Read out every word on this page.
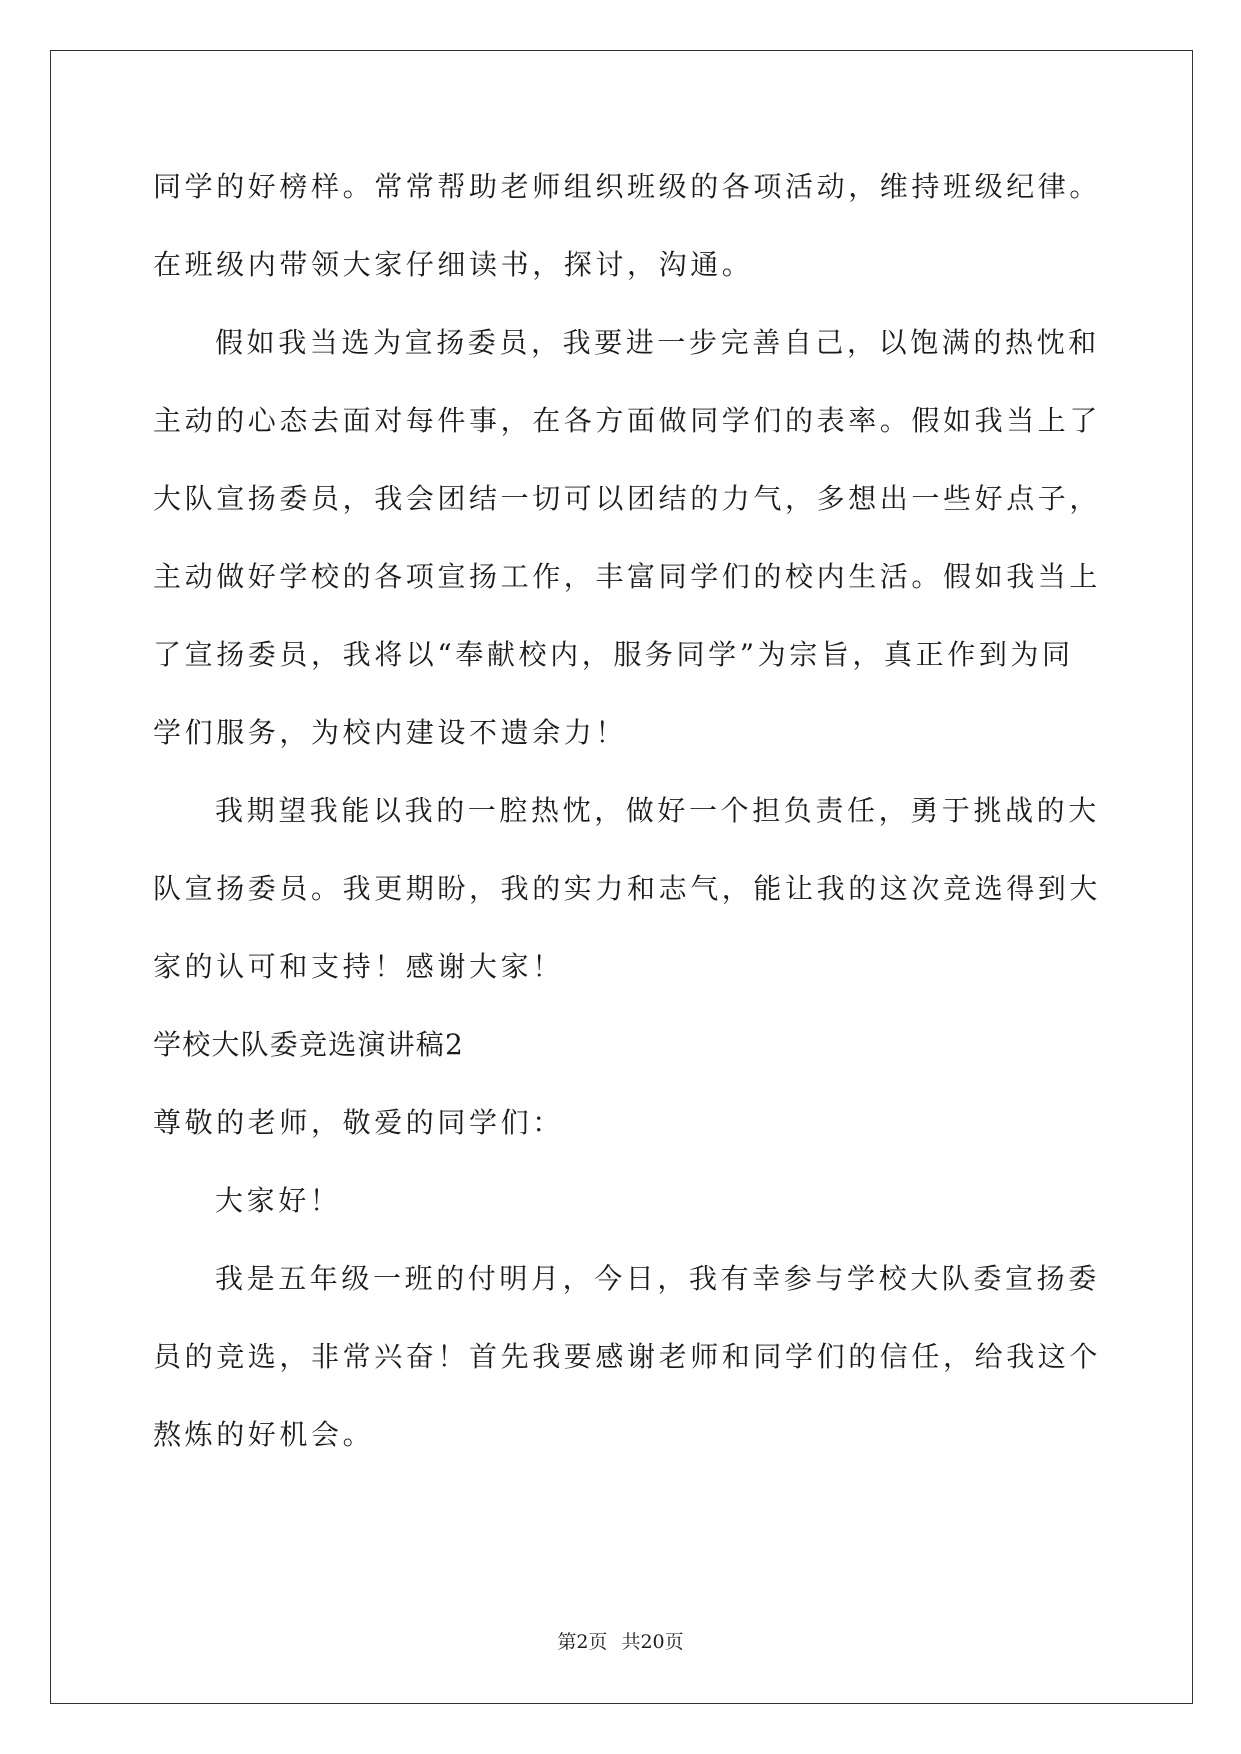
同学的好榜样。常常帮助老师组织班级的各项活动，维持班级纪律。
在班级内带领大家仔细读书，探讨，沟通。
假如我当选为宣扬委员，我要进一步完善自己，以饱满的热忱和
主动的心态去面对每件事，在各方面做同学们的表率。假如我当上了
大队宣扬委员，我会团结一切可以团结的力气，多想出一些好点子，
主动做好学校的各项宣扬工作，丰富同学们的校内生活。假如我当上
了宣扬委员，我将以“奉献校内，服务同学”为宗旨，真正作到为同
学们服务，为校内建设不遗余力！
我期望我能以我的一腔热忱，做好一个担负责任，勇于挑战的大
队宣扬委员。我更期盼，我的实力和志气，能让我的这次竞选得到大
家的认可和支持！感谢大家！
学校大队委竞选演讲稿2
尊敬的老师，敬爱的同学们：
大家好！
我是五年级一班的付明月，今日，我有幸参与学校大队委宣扬委
员的竞选，非常兴奋！首先我要感谢老师和同学们的信任，给我这个
熬炼的好机会。
第2页 共20页
